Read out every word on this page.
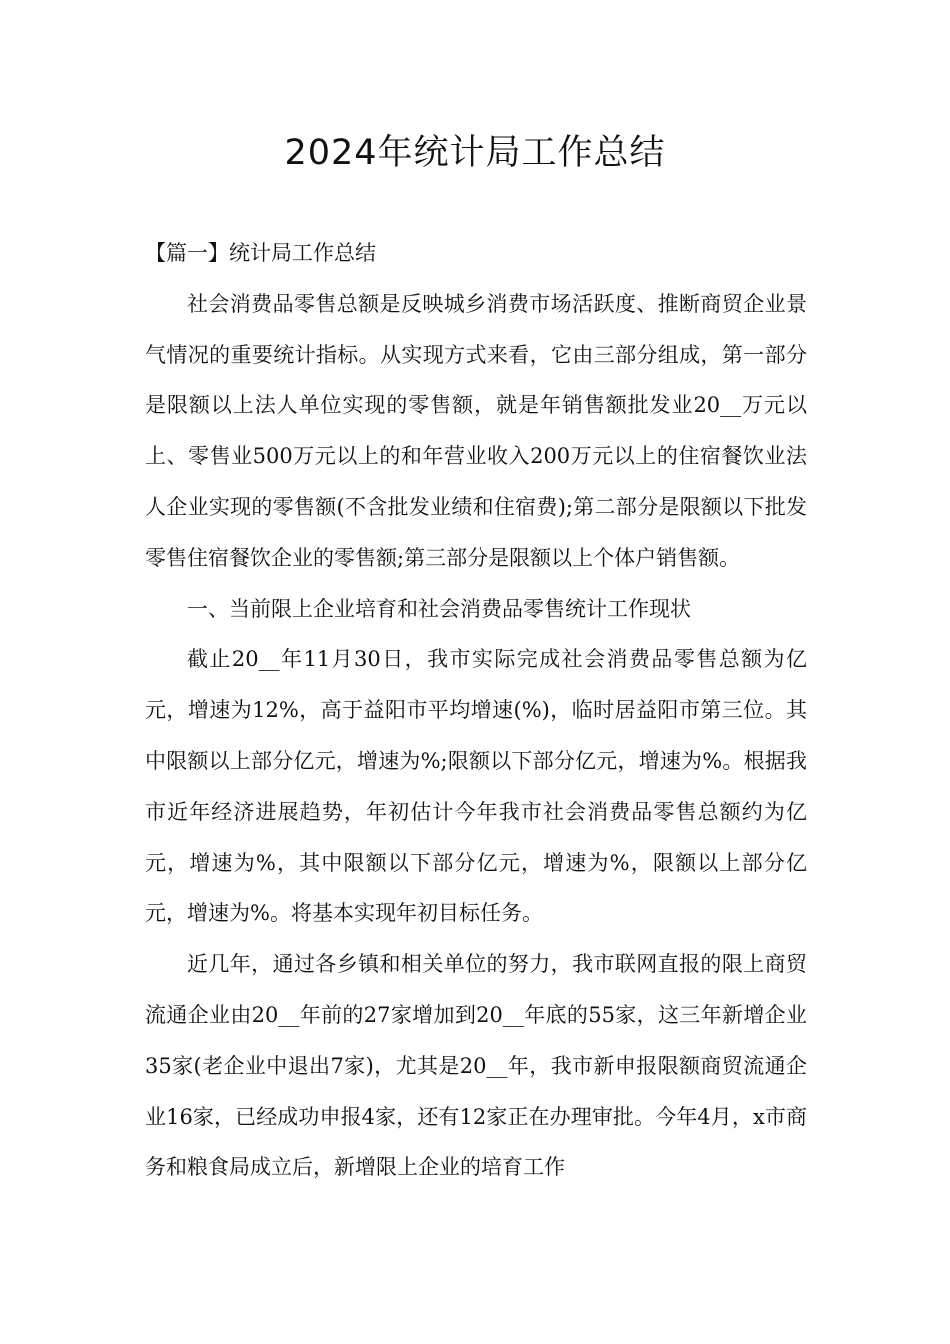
2024年统计局工作总结

【篇一】统计局工作总结

社会消费品零售总额是反映城乡消费市场活跃度、推断商贸企业景气情况的重要统计指标。从实现方式来看，它由三部分组成，第一部分是限额以上法人单位实现的零售额，就是年销售额批发业20__万元以上、零售业500万元以上的和年营业收入200万元以上的住宿餐饮业法人企业实现的零售额(不含批发业绩和住宿费);第二部分是限额以下批发零售住宿餐饮企业的零售额;第三部分是限额以上个体户销售额。

一、当前限上企业培育和社会消费品零售统计工作现状

截止20__年11月30日，我市实际完成社会消费品零售总额为亿元，增速为12%，高于益阳市平均增速(%)，临时居益阳市第三位。其中限额以上部分亿元，增速为%;限额以下部分亿元，增速为%。根据我市近年经济进展趋势，年初估计今年我市社会消费品零售总额约为亿元，增速为%，其中限额以下部分亿元，增速为%，限额以上部分亿元，增速为%。将基本实现年初目标任务。

近几年，通过各乡镇和相关单位的努力，我市联网直报的限上商贸流通企业由20__年前的27家增加到20__年底的55家，这三年新增企业35家(老企业中退出7家)，尤其是20__年，我市新申报限额商贸流通企业16家，已经成功申报4家，还有12家正在办理审批。今年4月，x市商务和粮食局成立后，新增限上企业的培育工作
